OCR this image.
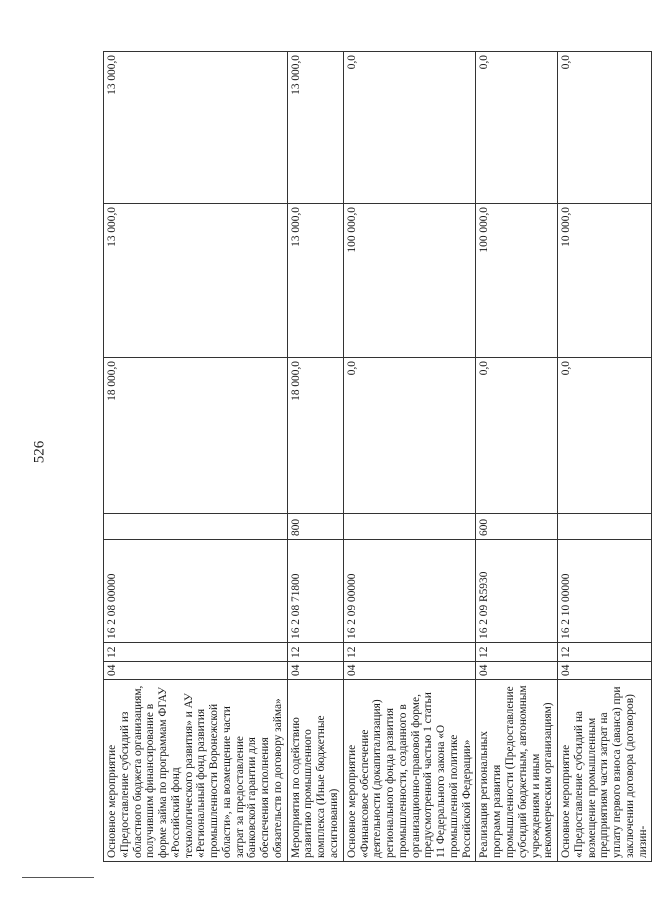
526
Основное мероприятие «Предоставление субсидий из областного бюджета организациям, получившим финансирование в форме займа по программам ФГАУ «Российский фонд технологического развития» и АУ «Региональный фонд развития промышленности Воронежской области», на возмещение части затрат за предоставление банковской гарантии для обеспечения исполнения обязательств по договору займа»	04	12	16 2 08 00000		18 000,0	13 000,0	13 000,0
Мероприятия по содействию развитию промышленного комплекса (Иные бюджетные ассигнования)	04	12	16 2 08 71800	800	18 000,0	13 000,0	13 000,0
Основное мероприятие «Финансовое обеспечение деятельности (докапитализация) регионального фонда развития промышленности, созданного в организационно-правовой форме, предусмотренной частью 1 статьи 11 Федерального закона «О промышленной политике Российской Федерации»	04	12	16 2 09 00000		0,0	100 000,0	0,0
Реализация региональных программ развития промышленности (Предоставление субсидий бюджетным, автономным учреждениям и иным некоммерческим организациям)	04	12	16 2 09 R5930	600	0,0	100 000,0	0,0
Основное мероприятие «Предоставление субсидий на возмещение промышленным предприятиям части затрат на уплату первого взноса (аванса) при заключении договора (договоров) лизин-	04	12	16 2 10 00000		0,0	10 000,0	0,0
